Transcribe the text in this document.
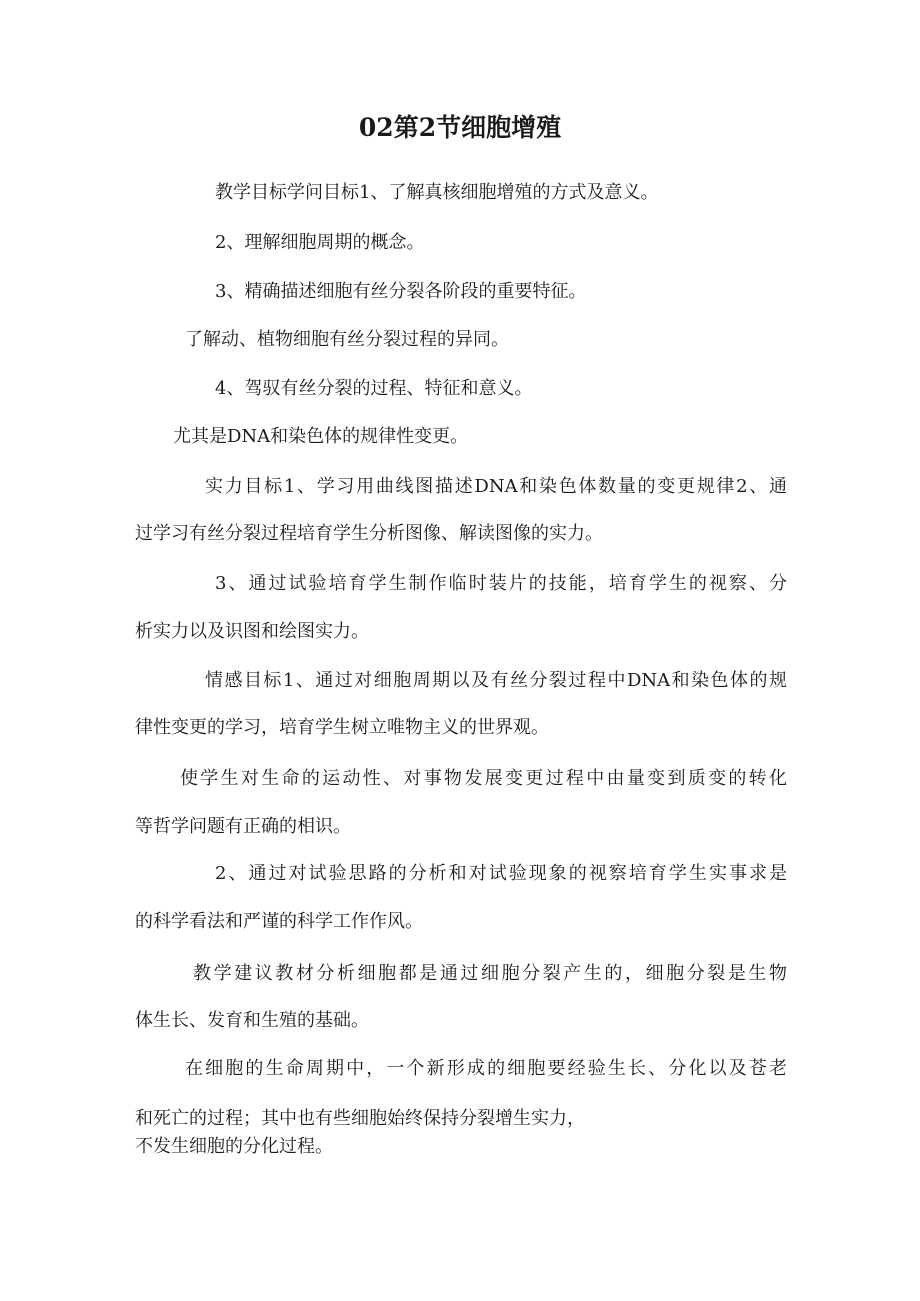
02第2节细胞增殖
教学目标学问目标1、了解真核细胞增殖的方式及意义。
2、理解细胞周期的概念。
3、精确描述细胞有丝分裂各阶段的重要特征。
了解动、植物细胞有丝分裂过程的异同。
4、驾驭有丝分裂的过程、特征和意义。
尤其是DNA和染色体的规律性变更。
实力目标1、学习用曲线图描述DNA和染色体数量的变更规律2、通
过学习有丝分裂过程培育学生分析图像、解读图像的实力。
3、通过试验培育学生制作临时装片的技能，培育学生的视察、分
析实力以及识图和绘图实力。
情感目标1、通过对细胞周期以及有丝分裂过程中DNA和染色体的规
律性变更的学习，培育学生树立唯物主义的世界观。
使学生对生命的运动性、对事物发展变更过程中由量变到质变的转化
等哲学问题有正确的相识。
2、通过对试验思路的分析和对试验现象的视察培育学生实事求是
的科学看法和严谨的科学工作作风。
教学建议教材分析细胞都是通过细胞分裂产生的，细胞分裂是生物
体生长、发育和生殖的基础。
在细胞的生命周期中，一个新形成的细胞要经验生长、分化以及苍老
和死亡的过程；其中也有些细胞始终保持分裂增生实力，
不发生细胞的分化过程。
